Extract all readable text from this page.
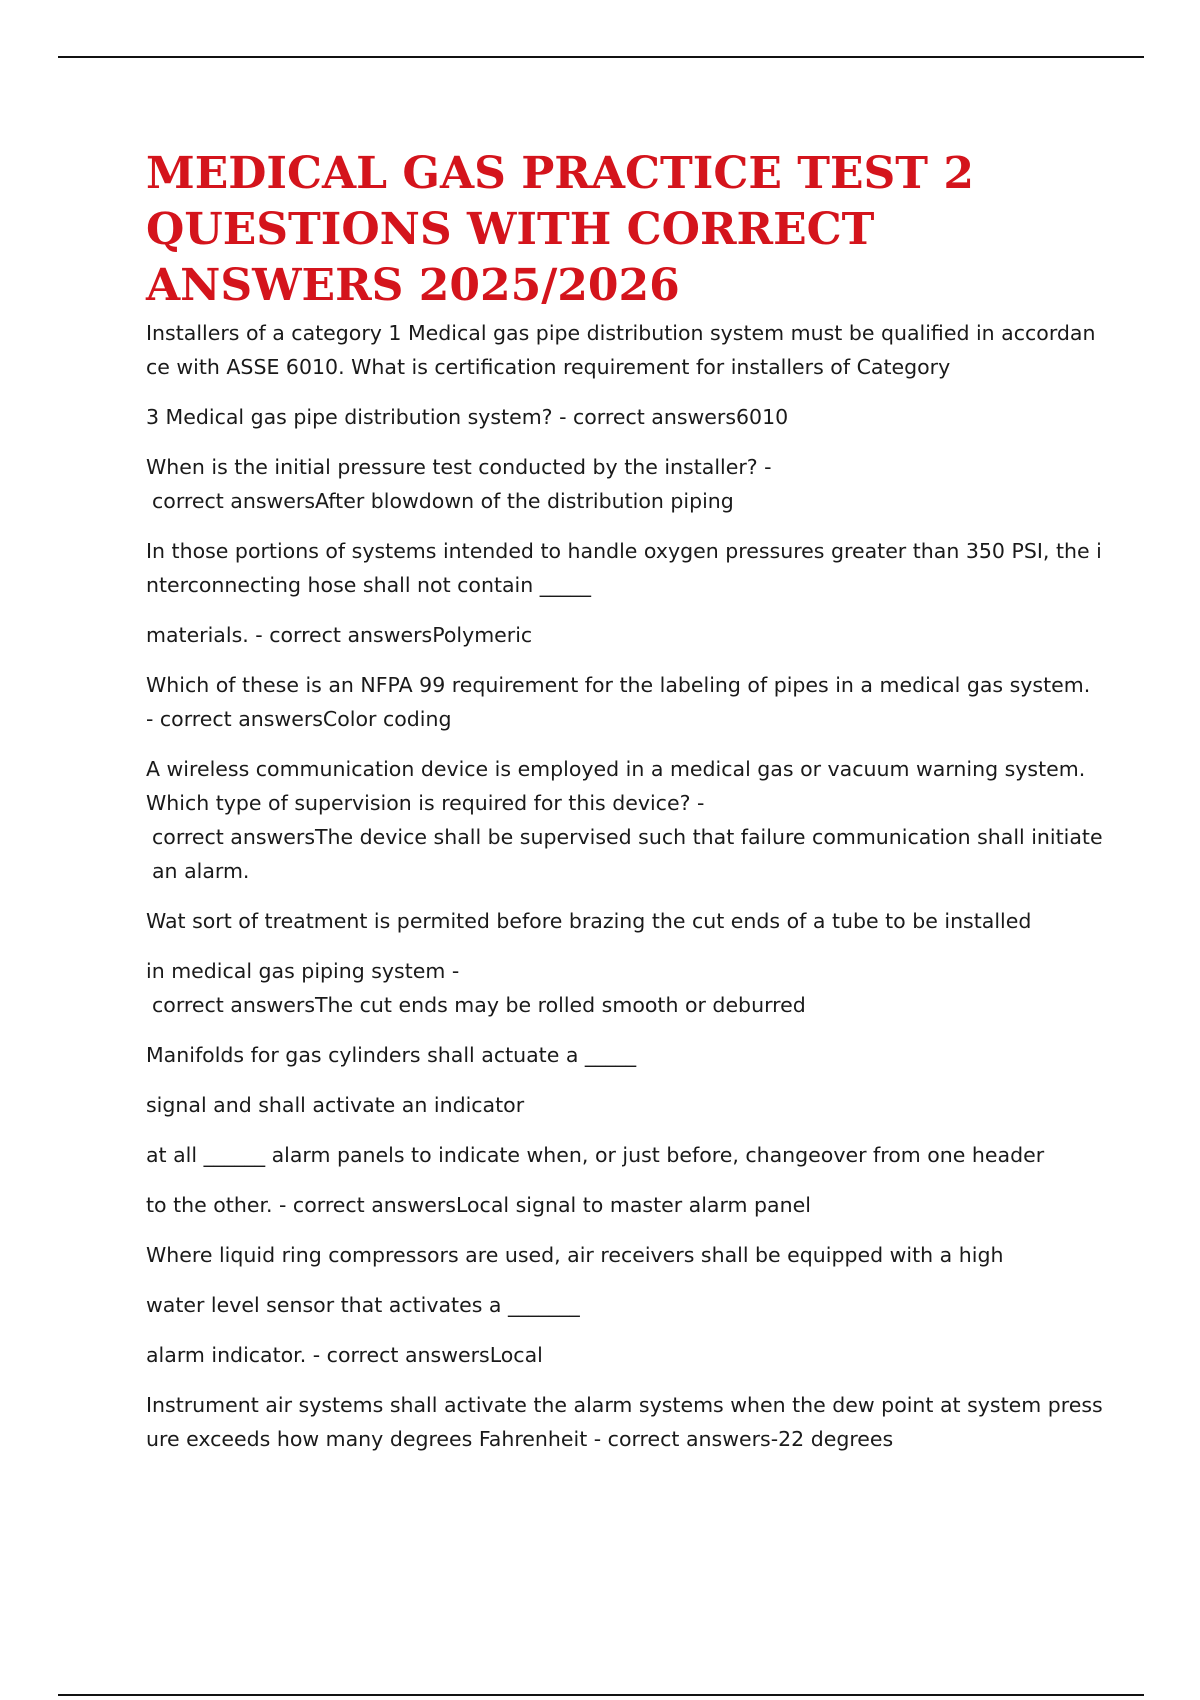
MEDICAL GAS PRACTICE TEST 2
QUESTIONS WITH CORRECT
ANSWERS 2025/2026

Installers of a category 1 Medical gas pipe distribution system must be qualified in accordan
ce with ASSE 6010. What is certification requirement for installers of Category

3 Medical gas pipe distribution system? - correct answers6010

When is the initial pressure test conducted by the installer? -
correct answersAfter blowdown of the distribution piping

In those portions of systems intended to handle oxygen pressures greater than 350 PSI, the i
nterconnecting hose shall not contain _____

materials. - correct answersPolymeric

Which of these is an NFPA 99 requirement for the labeling of pipes in a medical gas system.
- correct answersColor coding

A wireless communication device is employed in a medical gas or vacuum warning system.
Which type of supervision is required for this device? -
correct answersThe device shall be supervised such that failure communication shall initiate
an alarm.

Wat sort of treatment is permited before brazing the cut ends of a tube to be installed

in medical gas piping system -
correct answersThe cut ends may be rolled smooth or deburred

Manifolds for gas cylinders shall actuate a _____

signal and shall activate an indicator

at all ______ alarm panels to indicate when, or just before, changeover from one header

to the other. - correct answersLocal signal to master alarm panel

Where liquid ring compressors are used, air receivers shall be equipped with a high

water level sensor that activates a _______

alarm indicator. - correct answersLocal

Instrument air systems shall activate the alarm systems when the dew point at system press
ure exceeds how many degrees Fahrenheit - correct answers-22 degrees
